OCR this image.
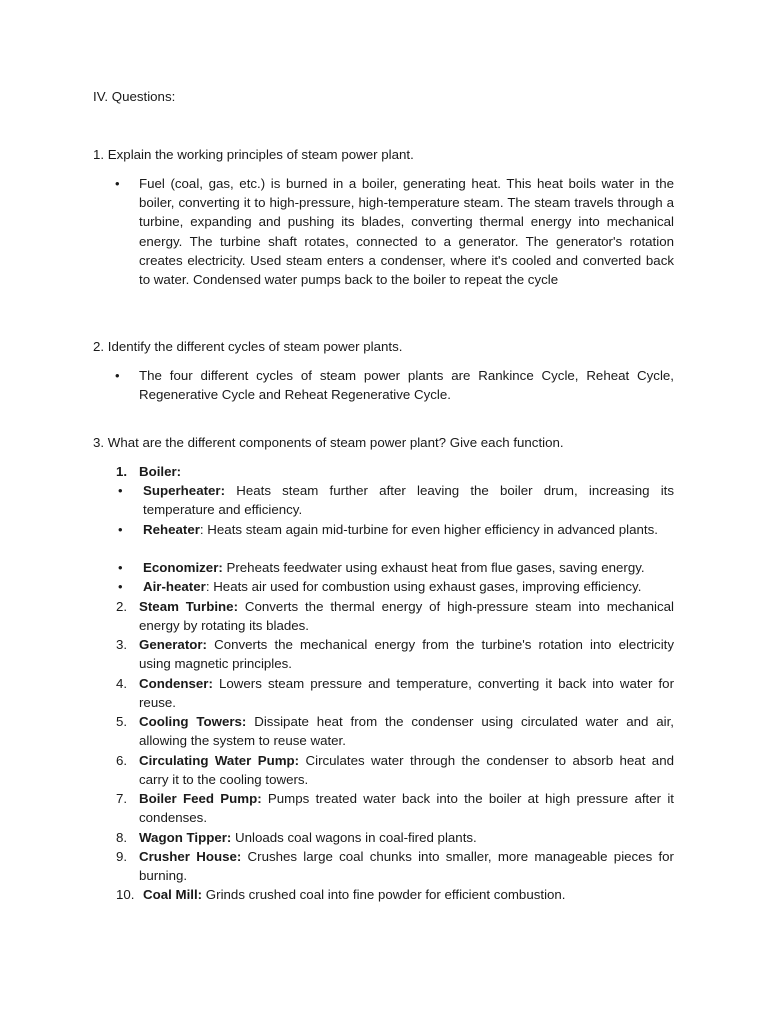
IV. Questions:
1. Explain the working principles of steam power plant.
• Fuel (coal, gas, etc.) is burned in a boiler, generating heat. This heat boils water in the boiler, converting it to high-pressure, high-temperature steam. The steam travels through a turbine, expanding and pushing its blades, converting thermal energy into mechanical energy. The turbine shaft rotates, connected to a generator. The generator's rotation creates electricity. Used steam enters a condenser, where it's cooled and converted back to water. Condensed water pumps back to the boiler to repeat the cycle
2. Identify the different cycles of steam power plants.
• The four different cycles of steam power plants are Rankince Cycle, Reheat Cycle, Regenerative Cycle and Reheat Regenerative Cycle.
3. What are the different components of steam power plant? Give each function.
1. Boiler:
• Superheater: Heats steam further after leaving the boiler drum, increasing its temperature and efficiency.
• Reheater: Heats steam again mid-turbine for even higher efficiency in advanced plants.
• Economizer: Preheats feedwater using exhaust heat from flue gases, saving energy.
• Air-heater: Heats air used for combustion using exhaust gases, improving efficiency.
2. Steam Turbine: Converts the thermal energy of high-pressure steam into mechanical energy by rotating its blades.
3. Generator: Converts the mechanical energy from the turbine's rotation into electricity using magnetic principles.
4. Condenser: Lowers steam pressure and temperature, converting it back into water for reuse.
5. Cooling Towers: Dissipate heat from the condenser using circulated water and air, allowing the system to reuse water.
6. Circulating Water Pump: Circulates water through the condenser to absorb heat and carry it to the cooling towers.
7. Boiler Feed Pump: Pumps treated water back into the boiler at high pressure after it condenses.
8. Wagon Tipper: Unloads coal wagons in coal-fired plants.
9. Crusher House: Crushes large coal chunks into smaller, more manageable pieces for burning.
10. Coal Mill: Grinds crushed coal into fine powder for efficient combustion.
